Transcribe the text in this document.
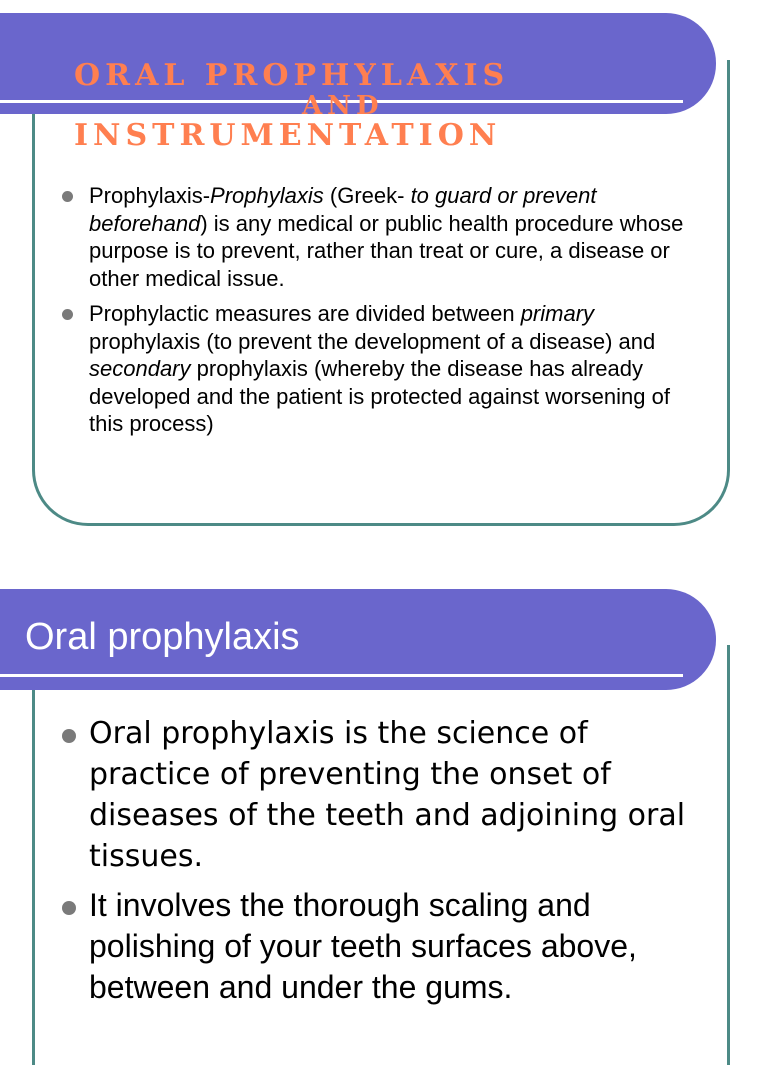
ORAL PROPHYLAXIS
AND
INSTRUMENTATION
Prophylaxis-Prophylaxis (Greek- to guard or prevent beforehand) is any medical or public health procedure whose purpose is to prevent, rather than treat or cure, a disease or other medical issue.
Prophylactic measures are divided between primary prophylaxis (to prevent the development of a disease) and secondary prophylaxis (whereby the disease has already developed and the patient is protected against worsening of this process)
Oral prophylaxis
Oral prophylaxis is the science of practice of preventing the onset of diseases of the teeth and adjoining oral tissues.
It involves the thorough scaling and polishing of your teeth surfaces above, between and under the gums.
